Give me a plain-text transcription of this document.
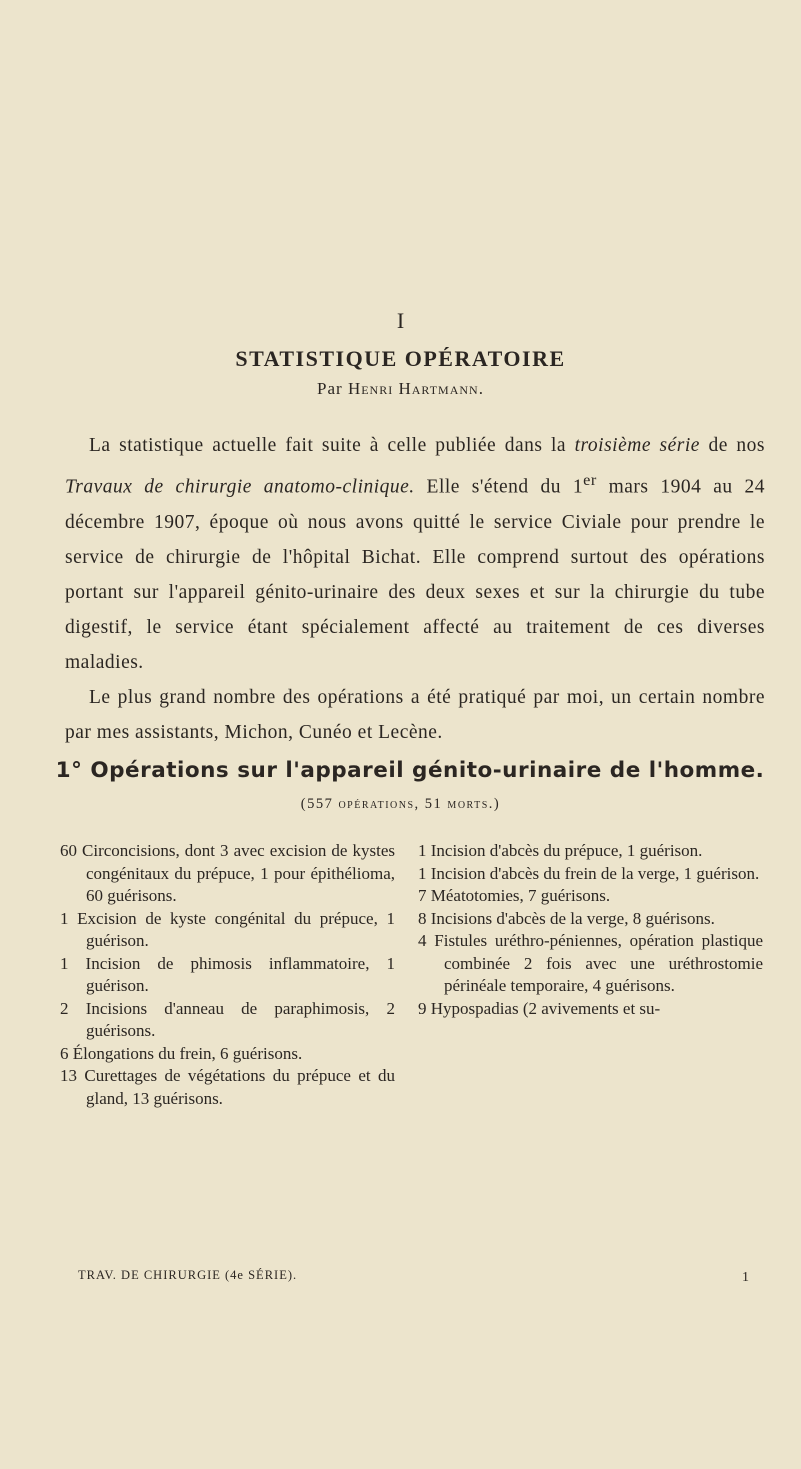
I
STATISTIQUE OPÉRATOIRE
Par Henri Hartmann.

La statistique actuelle fait suite à celle publiée dans la troisième série de nos Travaux de chirurgie anatomo-clinique. Elle s'étend du 1er mars 1904 au 24 décembre 1907, époque où nous avons quitté le service Civiale pour prendre le service de chirurgie de l'hôpital Bichat. Elle comprend surtout des opérations portant sur l'appareil génito-urinaire des deux sexes et sur la chirurgie du tube digestif, le service étant spécialement affecté au traitement de ces diverses maladies.

Le plus grand nombre des opérations a été pratiqué par moi, un certain nombre par mes assistants, Michon, Cunéo et Lecène.

1° Opérations sur l'appareil génito-urinaire de l'homme.
(557 opérations, 51 morts.)

60 Circoncisions, dont 3 avec excision de kystes congénitaux du prépuce, 1 pour épithélioma, 60 guérisons.

1 Excision de kyste congénital du prépuce, 1 guérison.

1 Incision de phimosis inflammatoire, 1 guérison.

2 Incisions d'anneau de paraphimosis, 2 guérisons.

6 Élongations du frein, 6 guérisons.

13 Curettages de végétations du prépuce et du gland, 13 guérisons.

1 Incision d'abcès du prépuce, 1 guérison.

1 Incision d'abcès du frein de la verge, 1 guérison.

7 Méatotomies, 7 guérisons.

8 Incisions d'abcès de la verge, 8 guérisons.

4 Fistules uréthro-péniennes, opération plastique combinée 2 fois avec une uréthrostomie périnéale temporaire, 4 guérisons.

9 Hypospadias (2 avivements et su-

TRAV. DE CHIRURGIE (4e SÉRIE).	1
